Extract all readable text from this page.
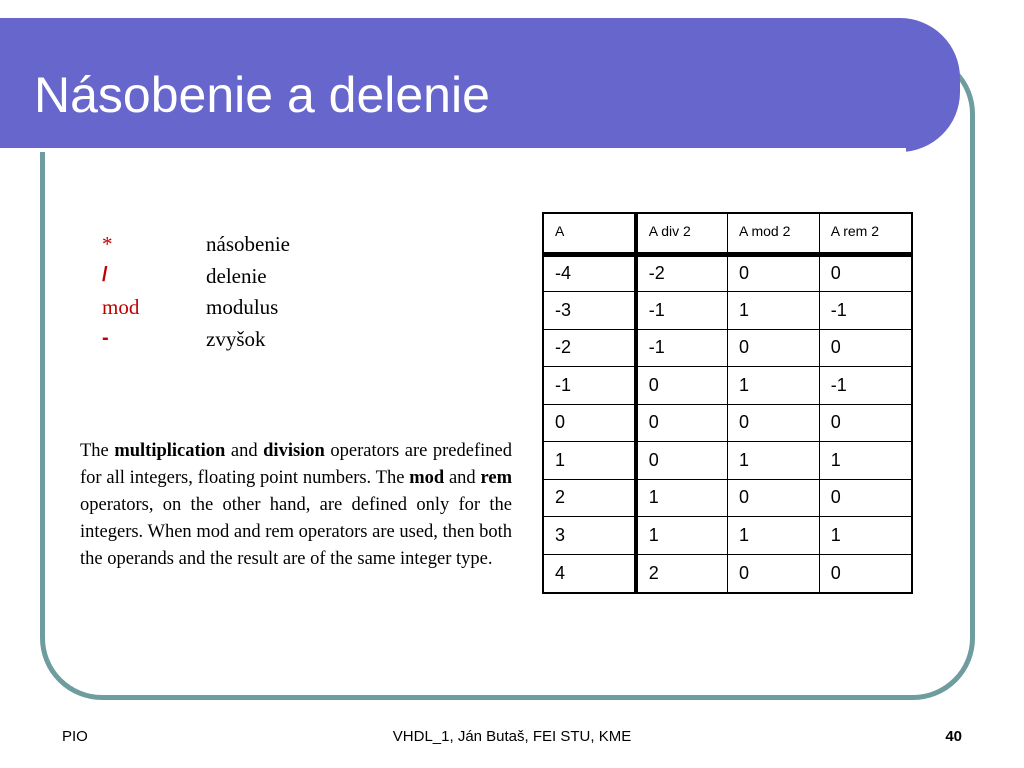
Násobenie a delenie
*	násobenie
/	delenie
mod	modulus
-	zvyšok

The multiplication and division operators are predefined for all integers, floating point numbers. The mod and rem operators, on the other hand, are defined only for the integers. When mod and rem operators are used, then both the operands and the result are of the same integer type.

A	A div 2	A mod 2	A rem 2
-4	-2	0	0
-3	-1	1	-1
-2	-1	0	0
-1	0	1	-1
0	0	0	0
1	0	1	1
2	1	0	0
3	1	1	1
4	2	0	0
PIO	VHDL_1, Ján Butaš, FEI STU, KME	40
